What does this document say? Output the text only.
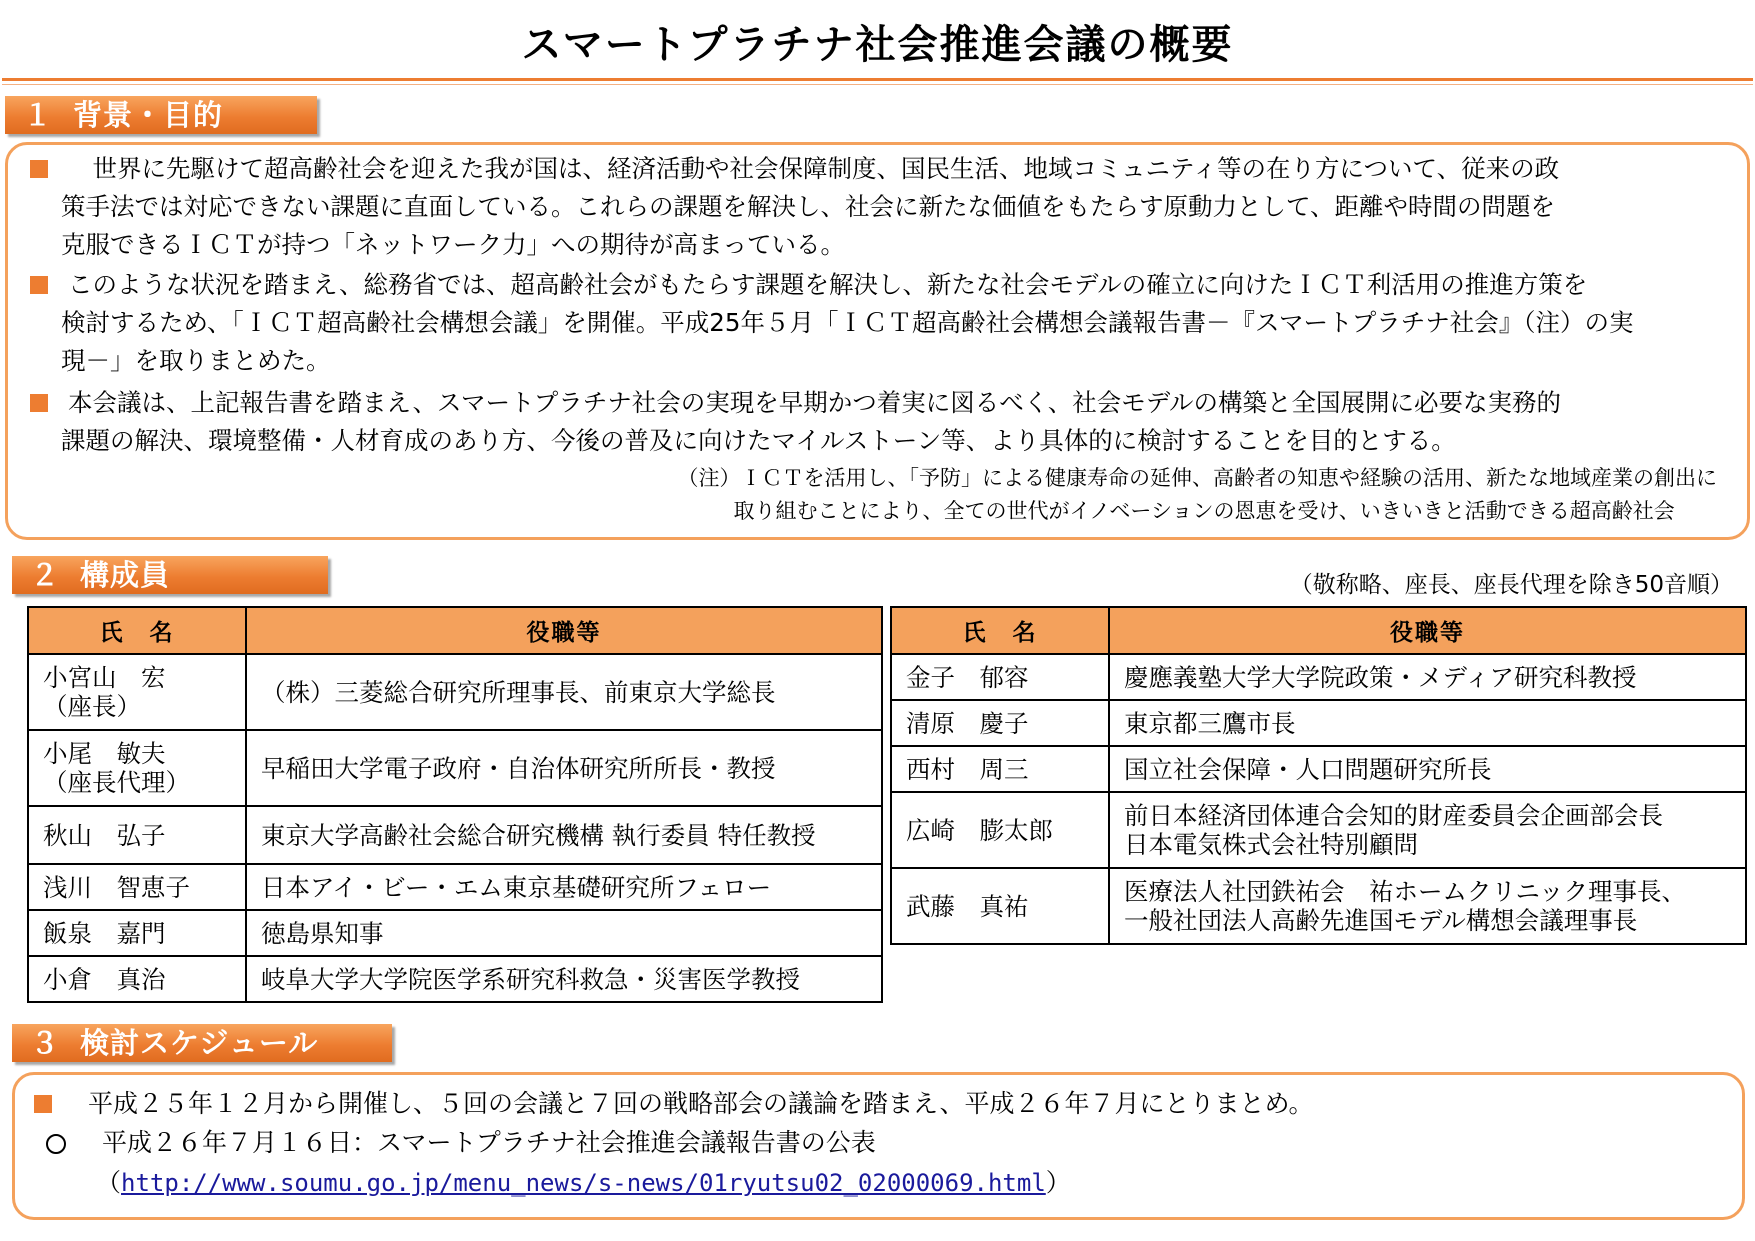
スマートプラチナ社会推進会議の概要
１ 背景・目的
　世界に先駆けて超高齢社会を迎えた我が国は、経済活動や社会保障制度、国民生活、地域コミュニティ等の在り方について、従来の政
策手法では対応できない課題に直面している。これらの課題を解決し、社会に新たな価値をもたらす原動力として、距離や時間の問題を
克服できるＩＣＴが持つ「ネットワーク力」への期待が高まっている。
このような状況を踏まえ、総務省では、超高齢社会がもたらす課題を解決し、新たな社会モデルの確立に向けたＩＣＴ利活用の推進方策を
検討するため、「ＩＣＴ超高齢社会構想会議」を開催。平成25年５月「ＩＣＴ超高齢社会構想会議報告書－『スマートプラチナ社会』（注）の実
現－」を取りまとめた。
本会議は、上記報告書を踏まえ、スマートプラチナ社会の実現を早期かつ着実に図るべく、社会モデルの構築と全国展開に必要な実務的
課題の解決、環境整備・人材育成のあり方、今後の普及に向けたマイルストーン等、より具体的に検討することを目的とする。
（注）ＩＣＴを活用し、「予防」による健康寿命の延伸、高齢者の知恵や経験の活用、新たな地域産業の創出に
取り組むことにより、全ての世代がイノベーションの恩恵を受け、いきいきと活動できる超高齢社会
２ 構成員	（敬称略、座長、座長代理を除き50音順）
氏　名	役職等

小宮山　宏
（座長）	（株）三菱総合研究所理事長、前東京大学総長

小尾　敏夫
（座長代理）	早稲田大学電子政府・自治体研究所所長・教授
秋山　弘子	東京大学高齢社会総合研究機構 執行委員 特任教授
浅川　智恵子	日本アイ・ビー・エム東京基礎研究所フェロー
飯泉　嘉門	徳島県知事
小倉　真治	岐阜大学大学院医学系研究科救急・災害医学教授
氏　名	役職等
金子　郁容	慶應義塾大学大学院政策・メディア研究科教授
清原　慶子	東京都三鷹市長
西村　周三	国立社会保障・人口問題研究所長
広崎　膨太郎	前日本経済団体連合会知的財産委員会企画部会長
日本電気株式会社特別顧問

武藤　真祐	医療法人社団鉄祐会　祐ホームクリニック理事長、
一般社団法人高齢先進国モデル構想会議理事長
３ 検討スケジュール
平成２５年１２月から開催し、５回の会議と７回の戦略部会の議論を踏まえ、平成２６年７月にとりまとめ。
平成２６年７月１６日：スマートプラチナ社会推進会議報告書の公表
（http://www.soumu.go.jp/menu_news/s-news/01ryutsu02_02000069.html）
